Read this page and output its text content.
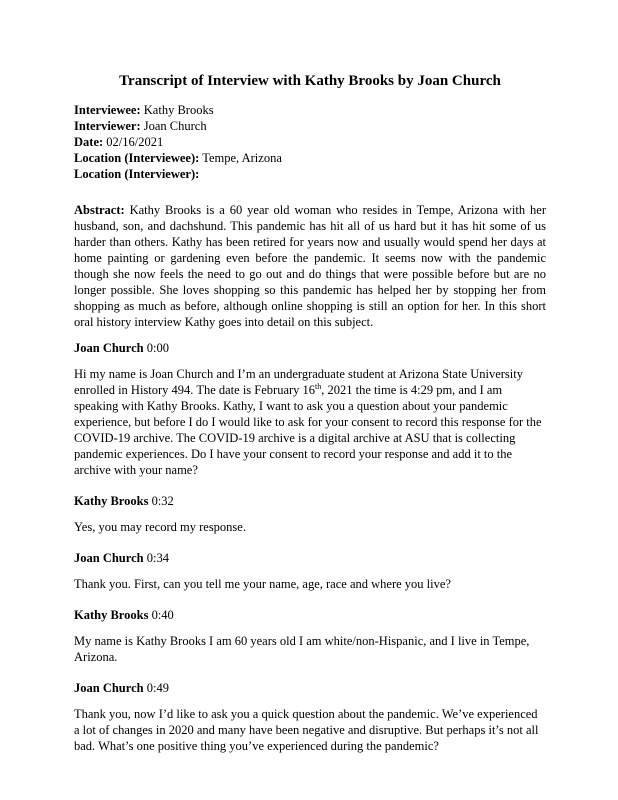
Transcript of Interview with Kathy Brooks by Joan Church

Interviewee: Kathy Brooks

Interviewer: Joan Church

Date: 02/16/2021

Location (Interviewee): Tempe, Arizona

Location (Interviewer):

Abstract: Kathy Brooks is a 60 year old woman who resides in Tempe, Arizona with her husband, son, and dachshund. This pandemic has hit all of us hard but it has hit some of us harder than others. Kathy has been retired for years now and usually would spend her days at home painting or gardening even before the pandemic. It seems now with the pandemic though she now feels the need to go out and do things that were possible before but are no longer possible. She loves shopping so this pandemic has helped her by stopping her from shopping as much as before, although online shopping is still an option for her. In this short oral history interview Kathy goes into detail on this subject.

Joan Church 0:00

Hi my name is Joan Church and I’m an undergraduate student at Arizona State University enrolled in History 494. The date is February 16th, 2021 the time is 4:29 pm, and I am speaking with Kathy Brooks. Kathy, I want to ask you a question about your pandemic experience, but before I do I would like to ask for your consent to record this response for the COVID-19 archive. The COVID-19 archive is a digital archive at ASU that is collecting pandemic experiences. Do I have your consent to record your response and add it to the archive with your name?

Kathy Brooks 0:32

Yes, you may record my response.

Joan Church 0:34

Thank you. First, can you tell me your name, age, race and where you live?

Kathy Brooks 0:40

My name is Kathy Brooks I am 60 years old I am white/non-Hispanic, and I live in Tempe, Arizona.

Joan Church 0:49

Thank you, now I’d like to ask you a quick question about the pandemic. We’ve experienced a lot of changes in 2020 and many have been negative and disruptive. But perhaps it’s not all bad. What’s one positive thing you’ve experienced during the pandemic?
